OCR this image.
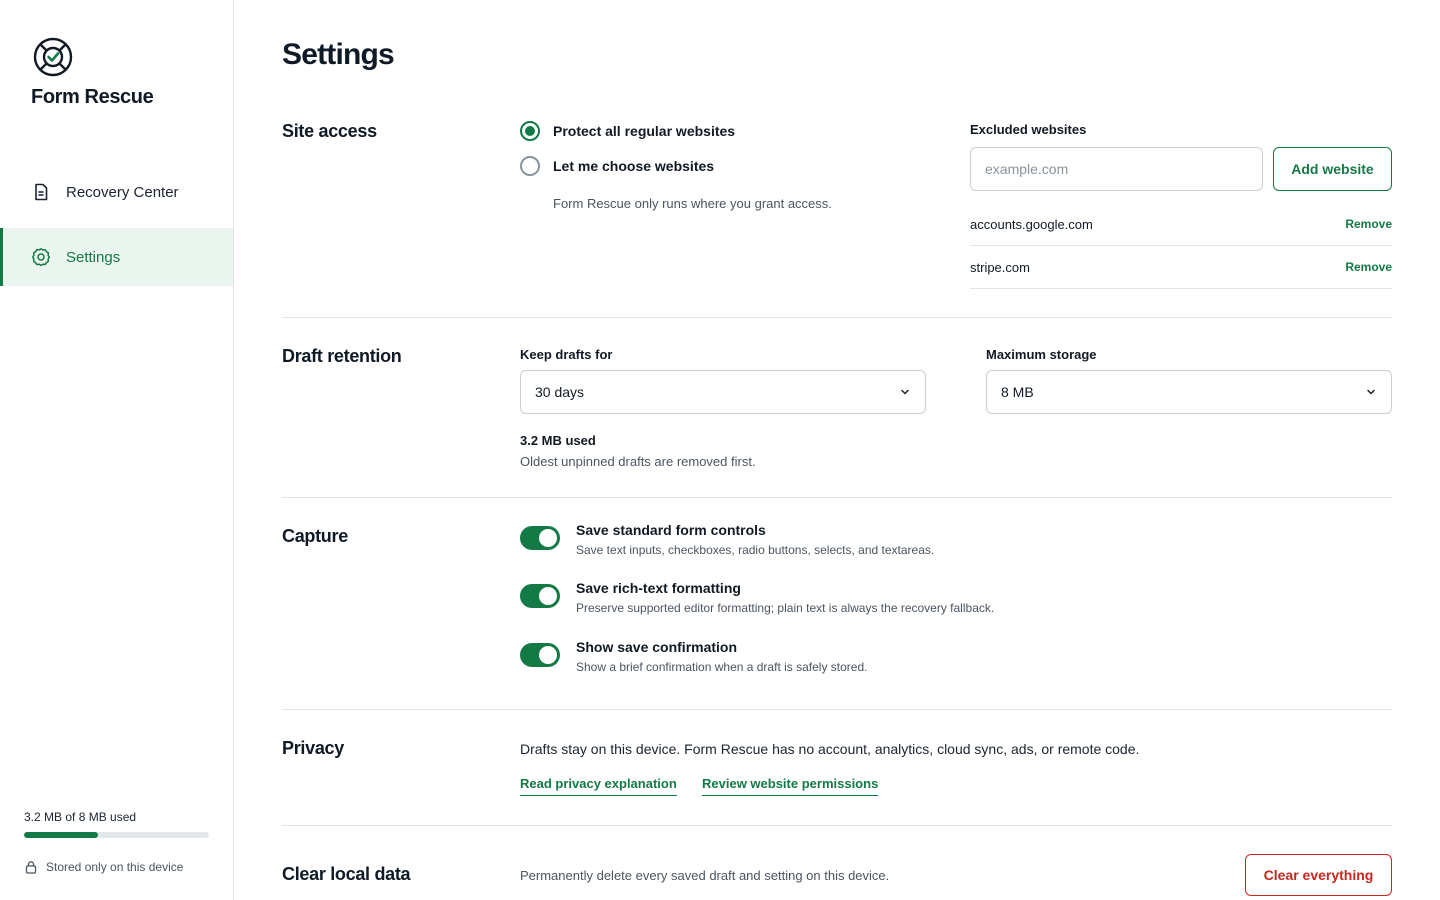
Form Rescue
Recovery Center
Settings
3.2 MB of 8 MB used
Stored only on this device
Settings
Site access	Protect all regular websites
Let me choose websites
Form Rescue only runs where you grant access.
Excluded websites
example.com
Add website
accounts.google.com	Remove
stripe.com	Remove
Draft retention	Keep drafts for
30 days
Maximum storage
8 MB
3.2 MB used
Oldest unpinned drafts are removed first.
Capture	Save standard form controls
Save text inputs, checkboxes, radio buttons, selects, and textareas.
Save rich-text formatting
Preserve supported editor formatting; plain text is always the recovery fallback.
Show save confirmation
Show a brief confirmation when a draft is safely stored.
Privacy	Drafts stay on this device. Form Rescue has no account, analytics, cloud sync, ads, or remote code.
Read privacy explanation Review website permissions
Clear local data	Permanently delete every saved draft and setting on this device.	Clear everything
